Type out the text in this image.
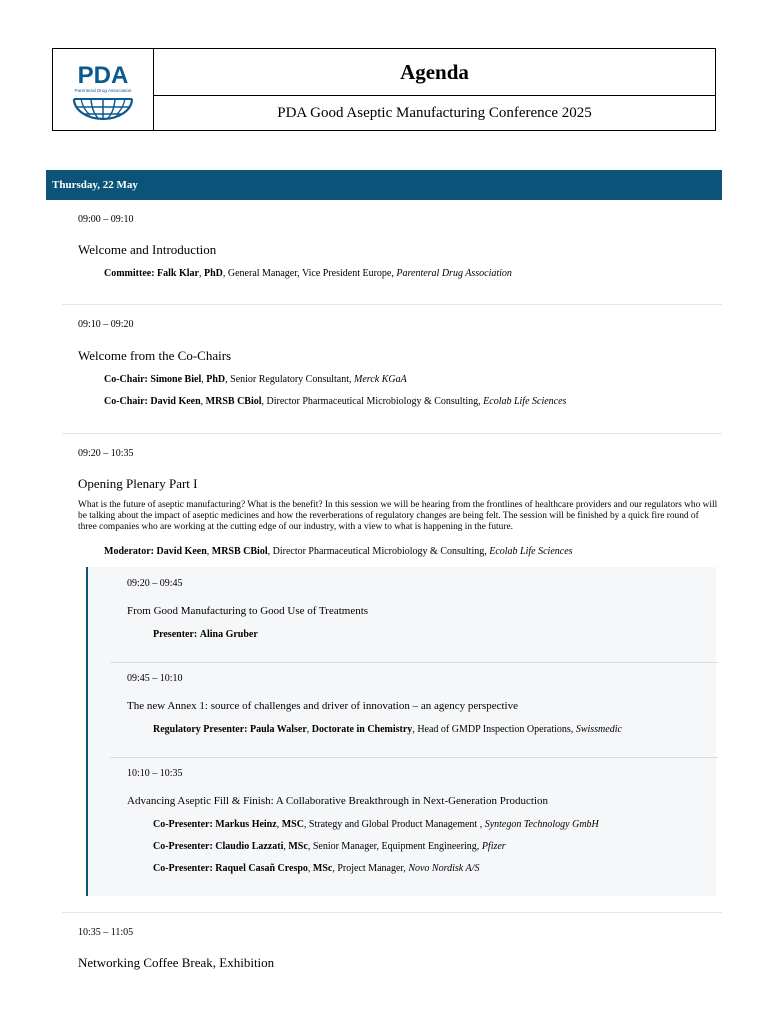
PDA
Parenteral Drug Association
Agenda
PDA Good Aseptic Manufacturing Conference 2025
Thursday, 22 May
09:00 – 09:10
Welcome and Introduction
Committee: Falk Klar, PhD, General Manager, Vice President Europe, Parenteral Drug Association
09:10 – 09:20
Welcome from the Co-Chairs
Co-Chair: Simone Biel, PhD, Senior Regulatory Consultant, Merck KGaA
Co-Chair: David Keen, MRSB CBiol, Director Pharmaceutical Microbiology & Consulting, Ecolab Life Sciences
09:20 – 10:35
Opening Plenary Part I
What is the future of aseptic manufacturing? What is the benefit? In this session we will be hearing from the frontlines of healthcare providers and our regulators who will be talking about the impact of aseptic medicines and how the reverberations of regulatory changes are being felt. The session will be finished by a quick fire round of three companies who are working at the cutting edge of our industry, with a view to what is happening in the future.
Moderator: David Keen, MRSB CBiol, Director Pharmaceutical Microbiology & Consulting, Ecolab Life Sciences
09:20 – 09:45
From Good Manufacturing to Good Use of Treatments
Presenter: Alina Gruber
09:45 – 10:10
The new Annex 1: source of challenges and driver of innovation – an agency perspective
Regulatory Presenter: Paula Walser, Doctorate in Chemistry, Head of GMDP Inspection Operations, Swissmedic
10:10 – 10:35
Advancing Aseptic Fill & Finish: A Collaborative Breakthrough in Next-Generation Production
Co-Presenter: Markus Heinz, MSC, Strategy and Global Product Management , Syntegon Technology GmbH
Co-Presenter: Claudio Lazzati, MSc, Senior Manager, Equipment Engineering, Pfizer
Co-Presenter: Raquel Casañ Crespo, MSc, Project Manager, Novo Nordisk A/S
10:35 – 11:05
Networking Coffee Break, Exhibition
